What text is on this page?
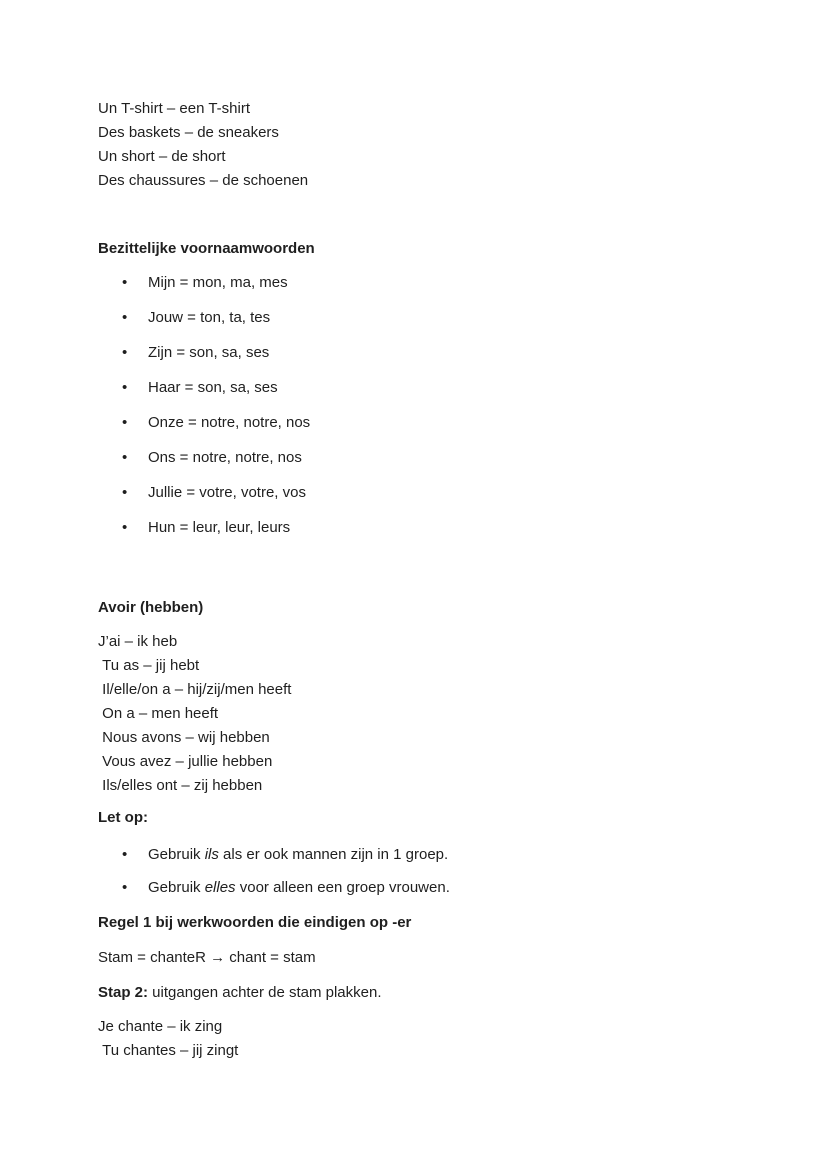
Un T-shirt – een T-shirt
Des baskets – de sneakers
Un short – de short
Des chaussures – de schoenen

Bezittelijke voornaamwoorden

• Mijn = mon, ma, mes
• Jouw = ton, ta, tes
• Zijn = son, sa, ses
• Haar = son, sa, ses
• Onze = notre, notre, nos
• Ons = notre, notre, nos
• Jullie = votre, votre, vos
• Hun = leur, leur, leurs

Avoir (hebben)

J’ai – ik heb
Tu as – jij hebt
Il/elle/on a – hij/zij/men heeft
On a – men heeft
Nous avons – wij hebben
Vous avez – jullie hebben
Ils/elles ont – zij hebben

Let op:

• Gebruik ils als er ook mannen zijn in 1 groep.
• Gebruik elles voor alleen een groep vrouwen.

Regel 1 bij werkwoorden die eindigen op -er

Stam = chanteR → chant = stam
Stap 2: uitgangen achter de stam plakken.
Je chante – ik zing
Tu chantes – jij zingt
